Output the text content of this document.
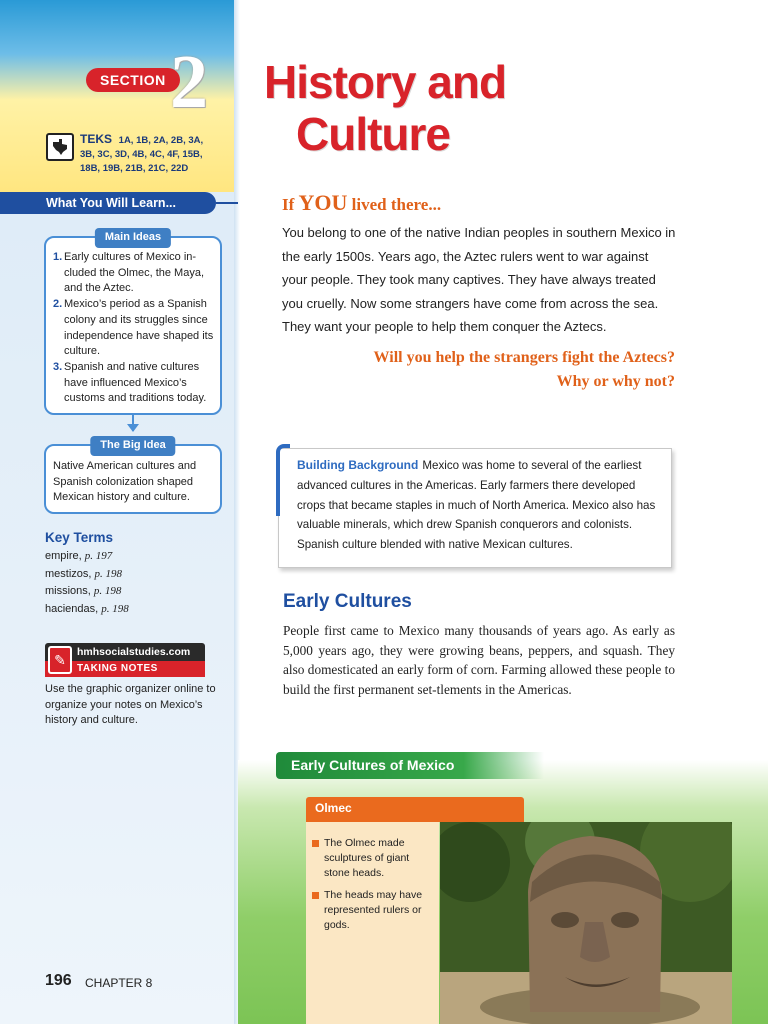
SECTION 2
TEKS 1A, 1B, 2A, 2B, 3A, 3B, 3C, 3D, 4B, 4C, 4F, 15B, 18B, 19B, 21B, 21C, 22D
What You Will Learn...
Main Ideas
1. Early cultures of Mexico in-cluded the Olmec, the Maya, and the Aztec.
2. Mexico’s period as a Spanish colony and its struggles since independence have shaped its culture.
3. Spanish and native cultures have influenced Mexico’s customs and traditions today.
The Big Idea
Native American cultures and Spanish colonization shaped Mexican history and culture.
Key Terms
empire, p. 197
mestizos, p. 198
missions, p. 198
haciendas, p. 198
hmhsocialstudies.com
TAKING NOTES
✎
Use the graphic organizer online to organize your notes on Mexico’s history and culture.
196 CHAPTER 8
History and
Culture
If YOU lived there...
You belong to one of the native Indian peoples in southern Mexico in the early 1500s. Years ago, the Aztec rulers went to war against your people. They took many captives. They have always treated you cruelly. Now some strangers have come from across the sea. They want your people to help them conquer the Aztecs.
Will you help the strangers fight the Aztecs?
Why or why not?
Building Background Mexico was home to several of the earliest advanced cultures in the Americas. Early farmers there developed crops that became staples in much of North America. Mexico also has valuable minerals, which drew Spanish conquerors and colonists. Spanish culture blended with native Mexican cultures.
Early Cultures
People first came to Mexico many thousands of years ago. As early as 5,000 years ago, they were growing beans, peppers, and squash. They also domesticated an early form of corn. Farming allowed these people to build the first permanent set-tlements in the Americas.
Early Cultures of Mexico
Olmec
The Olmec made sculptures of giant stone heads.
The heads may have represented rulers or gods.
